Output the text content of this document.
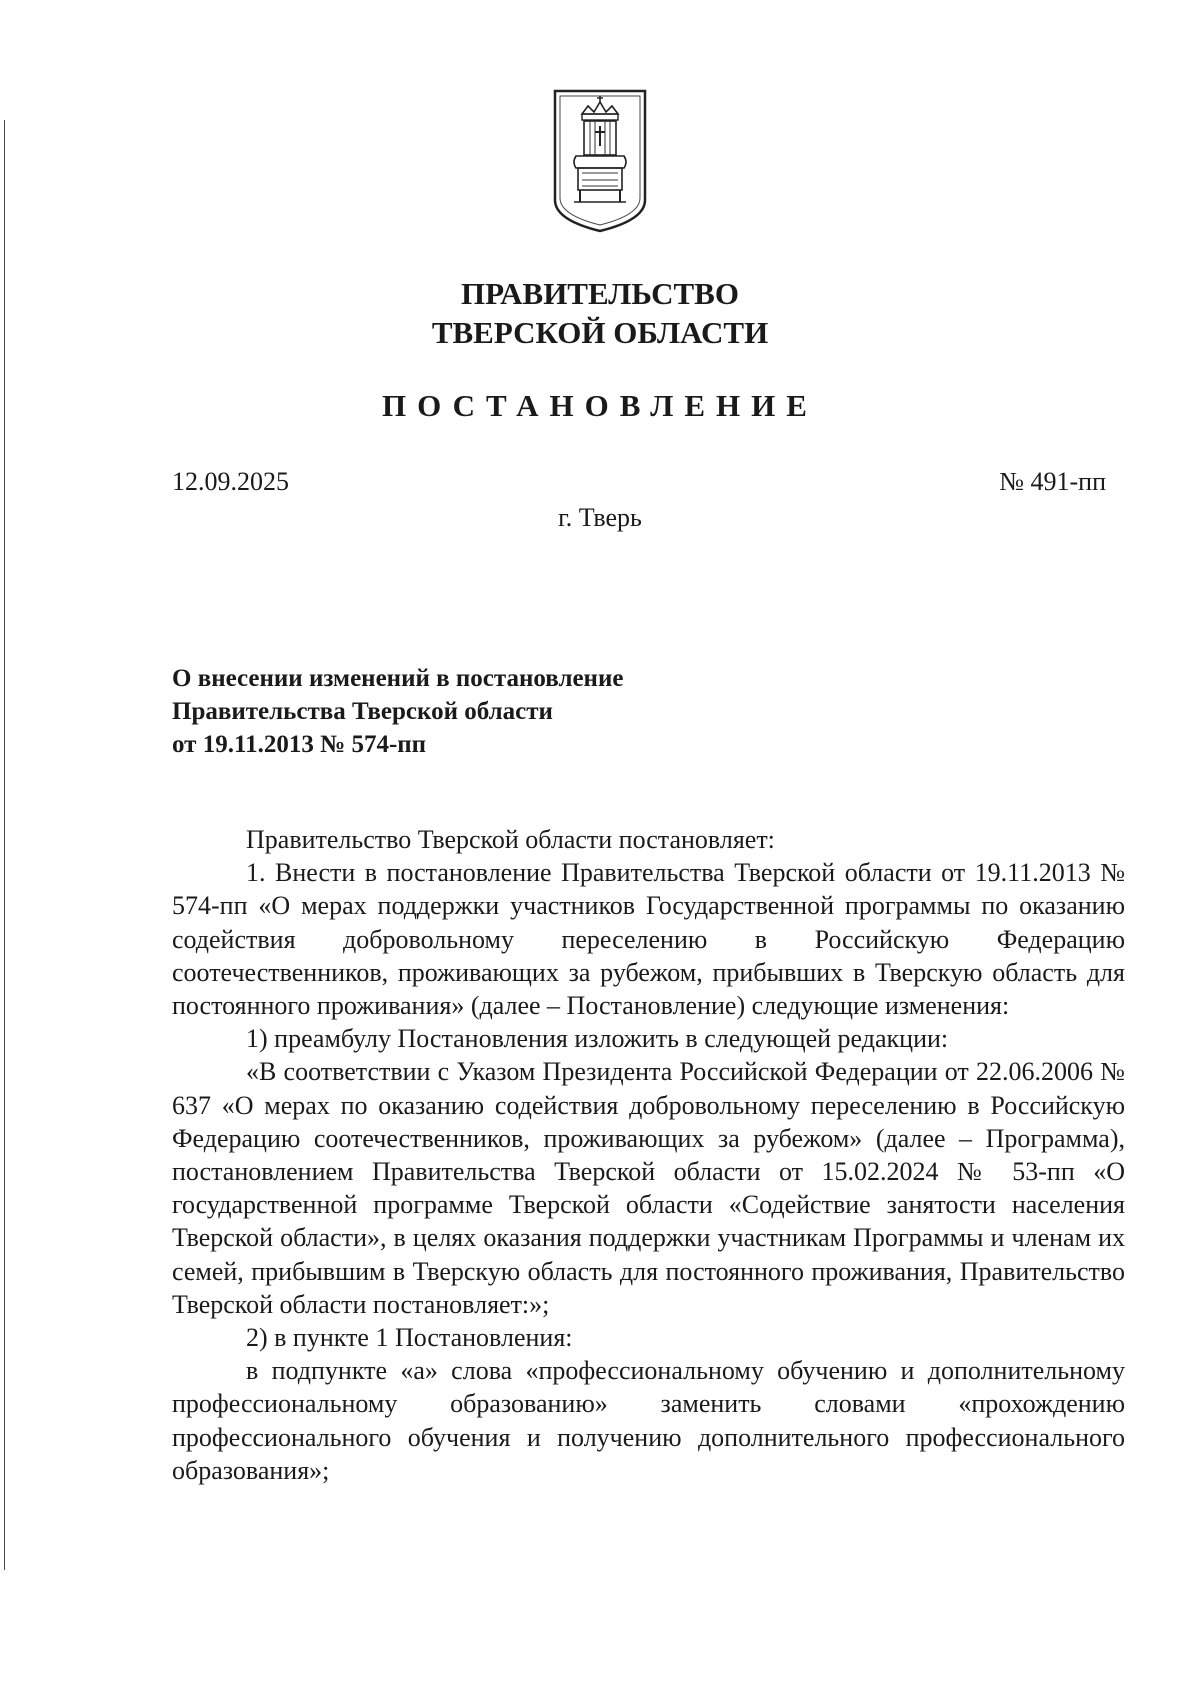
ПРАВИТЕЛЬСТВО
ТВЕРСКОЙ ОБЛАСТИ
ПОСТАНОВЛЕНИЕ
12.09.2025	№ 491-пп
г. Тверь
О внесении изменений в постановление
Правительства Тверской области
от 19.11.2013 № 574-пп

Правительство Тверской области постановляет:

1. Внести в постановление Правительства Тверской области от 19.11.2013 № 574-пп «О мерах поддержки участников Государственной программы по оказанию содействия добровольному переселению в Российскую Федерацию соотечественников, проживающих за рубежом, прибывших в Тверскую область для постоянного проживания» (далее – Постановление) следующие изменения:

1) преамбулу Постановления изложить в следующей редакции:

«В соответствии с Указом Президента Российской Федерации от 22.06.2006 № 637 «О мерах по оказанию содействия добровольному переселению в Российскую Федерацию соотечественников, проживающих за рубежом» (далее – Программа), постановлением Правительства Тверской области от 15.02.2024 № 53-пп «О государственной программе Тверской области «Содействие занятости населения Тверской области», в целях оказания поддержки участникам Программы и членам их семей, прибывшим в Тверскую область для постоянного проживания, Правительство Тверской области постановляет:»;

2) в пункте 1 Постановления:

в подпункте «а» слова «профессиональному обучению и дополнительному профессиональному образованию» заменить словами «прохождению профессионального обучения и получению дополнительного профессионального образования»;
